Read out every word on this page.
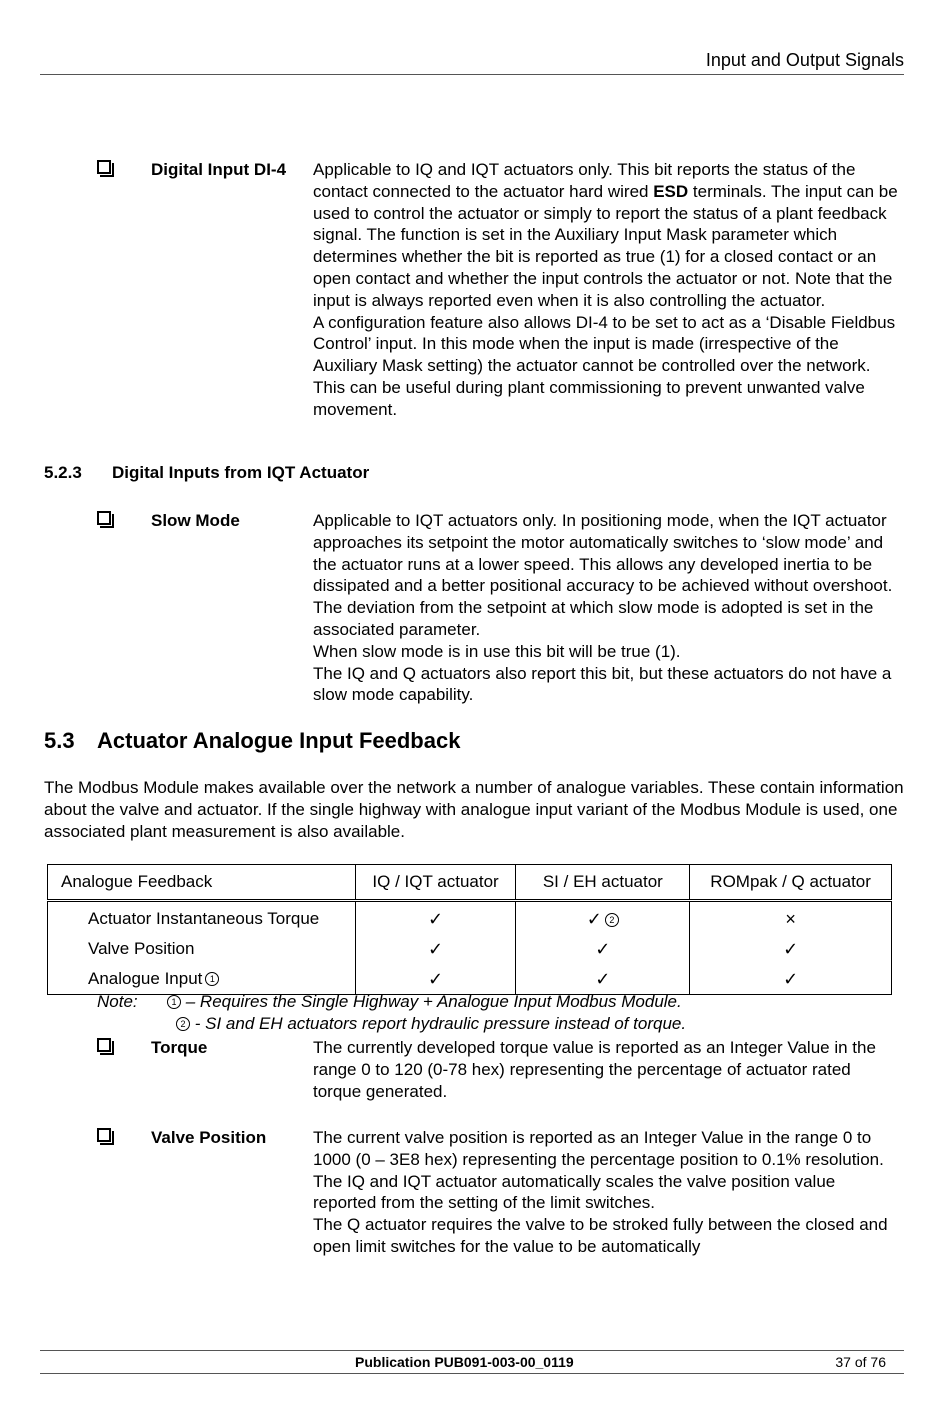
Input and Output Signals
Digital Input DI-4 Applicable to IQ and IQT actuators only. This bit reports the status of the contact connected to the actuator hard wired ESD terminals. The input can be used to control the actuator or simply to report the status of a plant feedback signal. The function is set in the Auxiliary Input Mask parameter which determines whether the bit is reported as true (1) for a closed contact or an open contact and whether the input controls the actuator or not. Note that the input is always reported even when it is also controlling the actuator.

A configuration feature also allows DI-4 to be set to act as a ‘Disable Fieldbus Control’ input. In this mode when the input is made (irrespective of the Auxiliary Mask setting) the actuator cannot be controlled over the network. This can be useful during plant commissioning to prevent unwanted valve movement.

5.2.3 Digital Inputs from IQT Actuator
Slow Mode	Applicable to IQT actuators only. In positioning mode, when the IQT actuator approaches its setpoint the motor automatically switches to ‘slow mode’ and the actuator runs at a lower speed. This allows any developed inertia to be dissipated and a better positional accuracy to be achieved without overshoot. The deviation from the setpoint at which slow mode is adopted is set in the associated parameter.

When slow mode is in use this bit will be true (1).

The IQ and Q actuators also report this bit, but these actuators do not have a slow mode capability.

5.3 Actuator Analogue Input Feedback

The Modbus Module makes available over the network a number of analogue variables. These contain information about the valve and actuator. If the single highway with analogue input variant of the Modbus Module is used, one associated plant measurement is also available.

Analogue Feedback	IQ / IQT actuator	SI / EH actuator	ROMpak / Q actuator
Actuator Instantaneous Torque	✓	✓ 2	×
Valve Position	✓	✓	✓
Analogue Input 1	✓	✓	✓
Note:	1 – Requires the Single Highway + Analogue Input Modbus Module.
2 - SI and EH actuators report hydraulic pressure instead of torque.
Torque	The currently developed torque value is reported as an Integer Value in the range 0 to 120 (0-78 hex) representing the percentage of actuator rated torque generated.

Valve Position	The current valve position is reported as an Integer Value in the range 0 to 1000 (0 – 3E8 hex) representing the percentage position to 0.1% resolution.

The IQ and IQT actuator automatically scales the valve position value reported from the setting of the limit switches.

The Q actuator requires the valve to be stroked fully between the closed and open limit switches for the value to be automatically

Publication PUB091-003-00_0119	37 of 76
